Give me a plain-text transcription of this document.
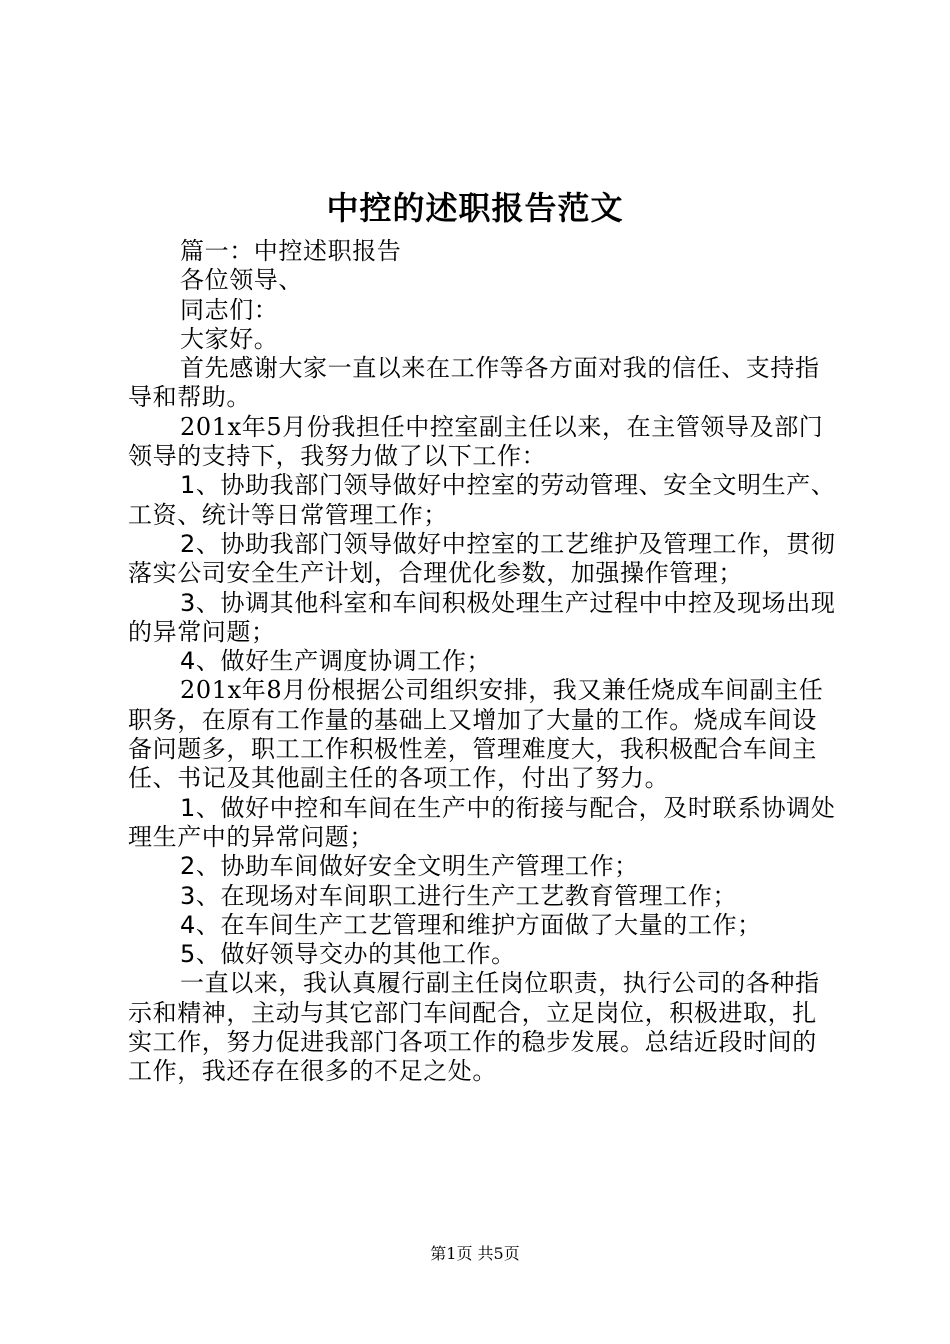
中控的述职报告范文

篇一：中控述职报告

各位领导、

同志们：

大家好。

首先感谢大家一直以来在工作等各方面对我的信任、支持指导和帮助。

201x年5月份我担任中控室副主任以来，在主管领导及部门领导的支持下，我努力做了以下工作：

1、协助我部门领导做好中控室的劳动管理、安全文明生产、工资、统计等日常管理工作；

2、协助我部门领导做好中控室的工艺维护及管理工作，贯彻落实公司安全生产计划，合理优化参数，加强操作管理；

3、协调其他科室和车间积极处理生产过程中中控及现场出现的异常问题；

4、做好生产调度协调工作；

201x年8月份根据公司组织安排，我又兼任烧成车间副主任职务，在原有工作量的基础上又增加了大量的工作。烧成车间设备问题多，职工工作积极性差，管理难度大，我积极配合车间主任、书记及其他副主任的各项工作，付出了努力。

1、做好中控和车间在生产中的衔接与配合，及时联系协调处理生产中的异常问题；

2、协助车间做好安全文明生产管理工作；

3、在现场对车间职工进行生产工艺教育管理工作；

4、在车间生产工艺管理和维护方面做了大量的工作；

5、做好领导交办的其他工作。

一直以来，我认真履行副主任岗位职责，执行公司的各种指示和精神，主动与其它部门车间配合，立足岗位，积极进取，扎实工作，努力促进我部门各项工作的稳步发展。总结近段时间的工作，我还存在很多的不足之处。

第1页 共5页
